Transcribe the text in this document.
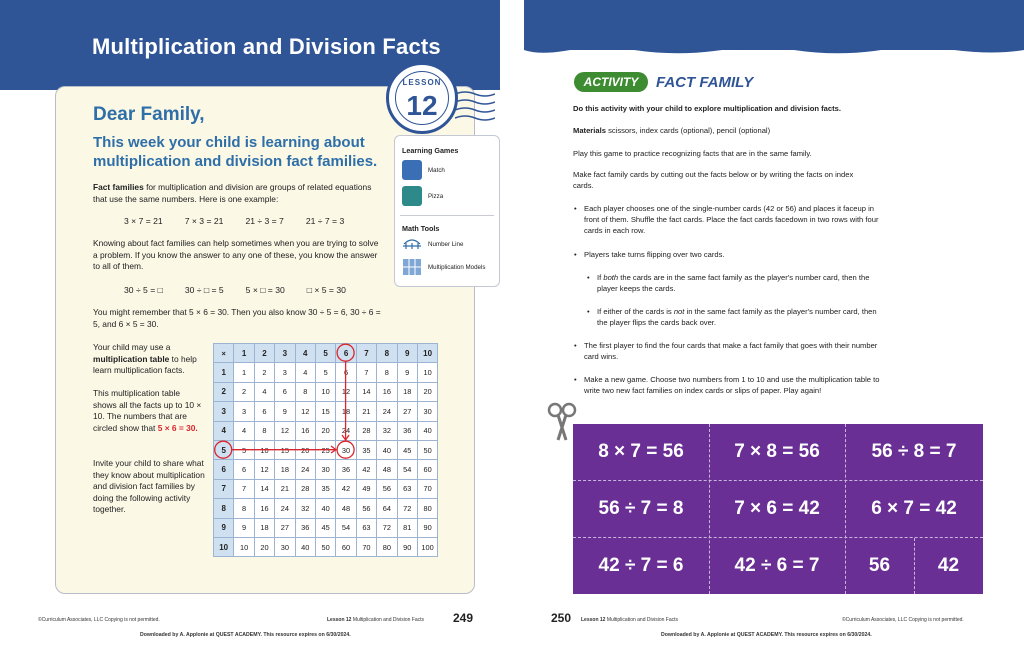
Multiplication and Division Facts
LESSON
12
Dear Family,
This week your child is learning about multiplication and division fact families.
Fact families for multiplication and division are groups of related equations that use the same numbers. Here is one example:
3 × 7 = 21	7 × 3 = 21	21 ÷ 3 = 7	21 ÷ 7 = 3
Knowing about fact families can help sometimes when you are trying to solve a problem. If you know the answer to any one of these, you know the answer to all of them.
30 ÷ 5 = □	30 ÷ □ = 5	5 × □ = 30	□ × 5 = 30
You might remember that 5 × 6 = 30. Then you also know 30 ÷ 5 = 6, 30 ÷ 6 = 5, and 6 × 5 = 30.
Your child may use a multiplication table to help learn multiplication facts.
This multiplication table shows all the facts up to 10 × 10. The numbers that are circled show that 5 × 6 = 30.
Invite your child to share what they know about multiplication and division fact families by doing the following activity together.
Learning Games
Match
Pizza
Math Tools
Number Line
Multiplication Models
×	1	2	3	4	5	6	7	8	9	10
1	1	2	3	4	5	6	7	8	9	10
2	2	4	6	8	10	12	14	16	18	20
3	3	6	9	12	15	18	21	24	27	30
4	4	8	12	16	20	24	28	32	36	40
5	5	10	15	20	25	30	35	40	45	50
6	6	12	18	24	30	36	42	48	54	60
7	7	14	21	28	35	42	49	56	63	70
8	8	16	24	32	40	48	56	64	72	80
9	9	18	27	36	45	54	63	72	81	90
10	10	20	30	40	50	60	70	80	90	100
©Curriculum Associates, LLC Copying is not permitted.	Lesson 12 Multiplication and Division Facts 249
Downloaded by A. Applonie at QUEST ACADEMY. This resource expires on 6/30/2024.
ACTIVITY	FACT FAMILY
Do this activity with your child to explore multiplication and division facts.
Materials scissors, index cards (optional), pencil (optional)
Play this game to practice recognizing facts that are in the same family.
Make fact family cards by cutting out the facts below or by writing the facts on index cards.
• Each player chooses one of the single-number cards (42 or 56) and places it faceup in front of them. Shuffle the fact cards. Place the fact cards facedown in two rows with four cards in each row.
• Players take turns flipping over two cards.
• If both the cards are in the same fact family as the player's number card, then the player keeps the cards.
• If either of the cards is not in the same fact family as the player's number card, then the player flips the cards back over.
• The first player to find the four cards that make a fact family that goes with their number card wins.
• Make a new game. Choose two numbers from 1 to 10 and use the multiplication table to write two new fact families on index cards or slips of paper. Play again!
8 × 7 = 56	7 × 8 = 56	56 ÷ 8 = 7
56 ÷ 7 = 8	7 × 6 = 42	6 × 7 = 42
42 ÷ 7 = 6	42 ÷ 6 = 7	56	42
250 Lesson 12 Multiplication and Division Facts	©Curriculum Associates, LLC Copying is not permitted.
Downloaded by A. Applonie at QUEST ACADEMY. This resource expires on 6/30/2024.
